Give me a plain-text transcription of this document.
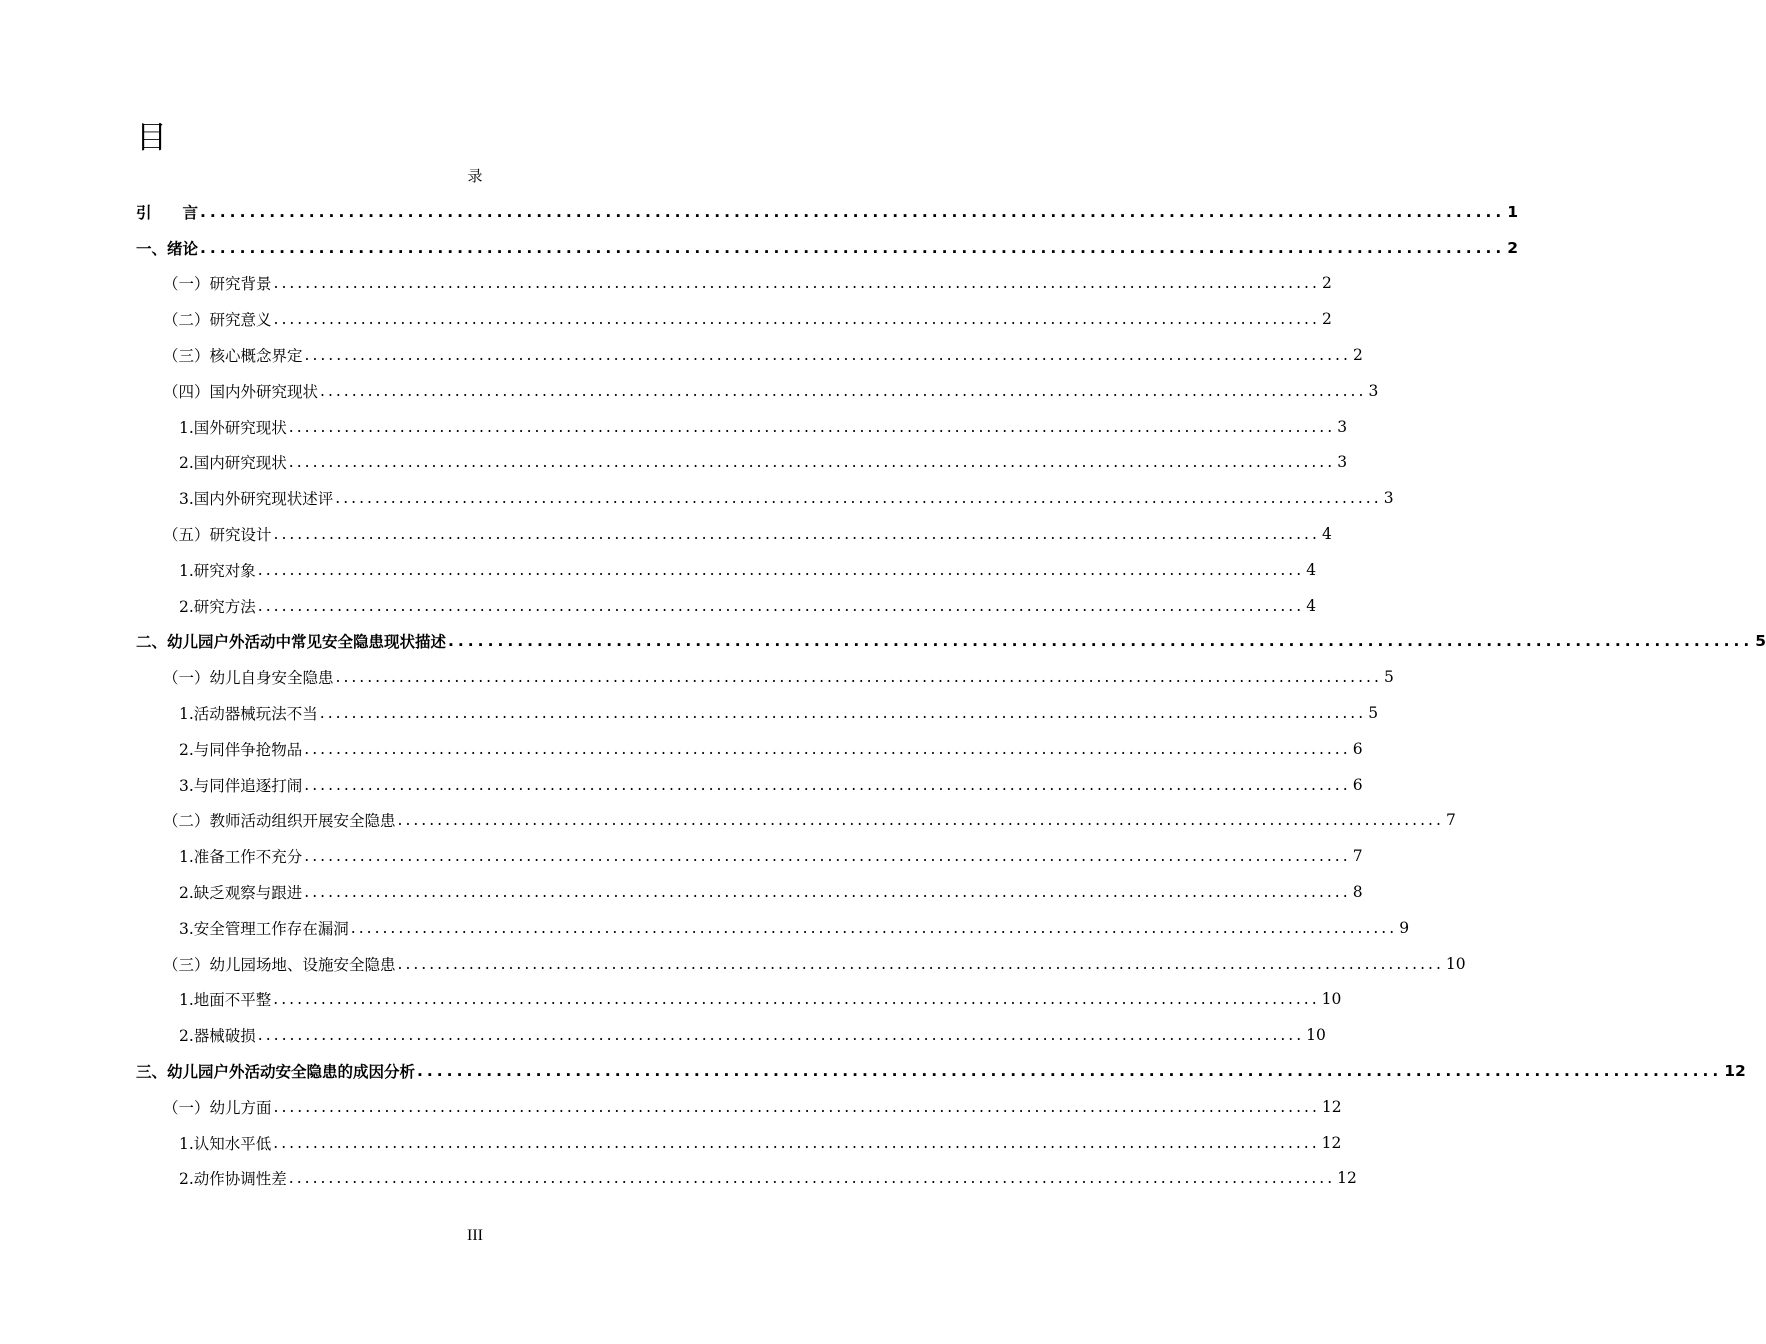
目
录
引　　言 .................................................................................................................................... 1
一、绪论 .................................................................................................................................... 2
（一）研究背景 .................................................................................................................................... 2
（二）研究意义 .................................................................................................................................... 2
（三）核心概念界定 .................................................................................................................................... 2
（四）国内外研究现状 .................................................................................................................................... 3
1.国外研究现状 .................................................................................................................................... 3
2.国内研究现状 .................................................................................................................................... 3
3.国内外研究现状述评 .................................................................................................................................... 3
（五）研究设计 .................................................................................................................................... 4
1.研究对象 .................................................................................................................................... 4
2.研究方法 .................................................................................................................................... 4
二、幼儿园户外活动中常见安全隐患现状描述 .................................................................................................................................... 5
（一）幼儿自身安全隐患 .................................................................................................................................... 5
1.活动器械玩法不当 .................................................................................................................................... 5
2.与同伴争抢物品 .................................................................................................................................... 6
3.与同伴追逐打闹 .................................................................................................................................... 6
（二）教师活动组织开展安全隐患 .................................................................................................................................... 7
1.准备工作不充分 .................................................................................................................................... 7
2.缺乏观察与跟进 .................................................................................................................................... 8
3.安全管理工作存在漏洞 .................................................................................................................................... 9
（三）幼儿园场地、设施安全隐患 .................................................................................................................................... 10
1.地面不平整 .................................................................................................................................... 10
2.器械破损 .................................................................................................................................... 10
三、幼儿园户外活动安全隐患的成因分析 .................................................................................................................................... 12
（一）幼儿方面 .................................................................................................................................... 12
1.认知水平低 .................................................................................................................................... 12
2.动作协调性差 .................................................................................................................................... 12
III
